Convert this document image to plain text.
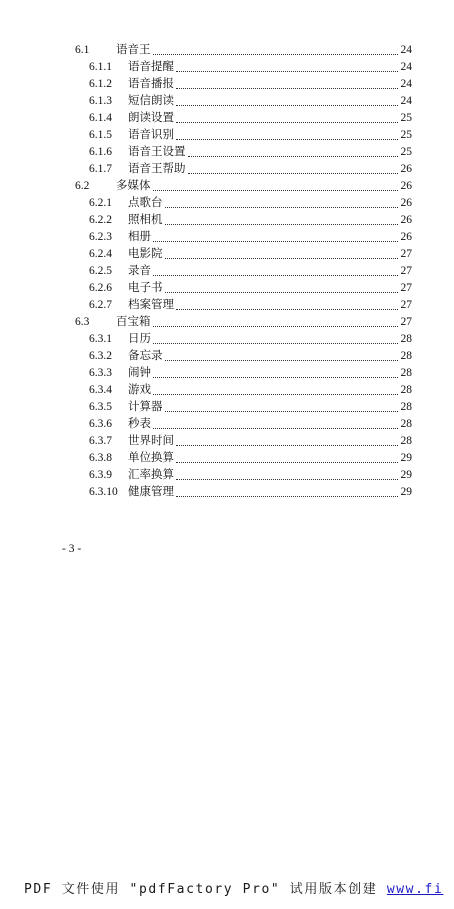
6.1 语音王	24
6.1.1 语音提醒	24
6.1.2 语音播报	24
6.1.3 短信朗读	24
6.1.4 朗读设置	25
6.1.5 语音识别	25
6.1.6 语音王设置	25
6.1.7 语音王帮助	26
6.2 多媒体	26
6.2.1 点歌台	26
6.2.2 照相机	26
6.2.3 相册	26
6.2.4 电影院	27
6.2.5 录音	27
6.2.6 电子书	27
6.2.7 档案管理	27
6.3 百宝箱	27
6.3.1 日历	28
6.3.2 备忘录	28
6.3.3 闹钟	28
6.3.4 游戏	28
6.3.5 计算器	28
6.3.6 秒表	28
6.3.7 世界时间	28
6.3.8 单位换算	29
6.3.9 汇率换算	29
6.3.10 健康管理	29
- 3 -
PDF 文件使用 "pdfFactory Pro" 试用版本创建 www.fi
